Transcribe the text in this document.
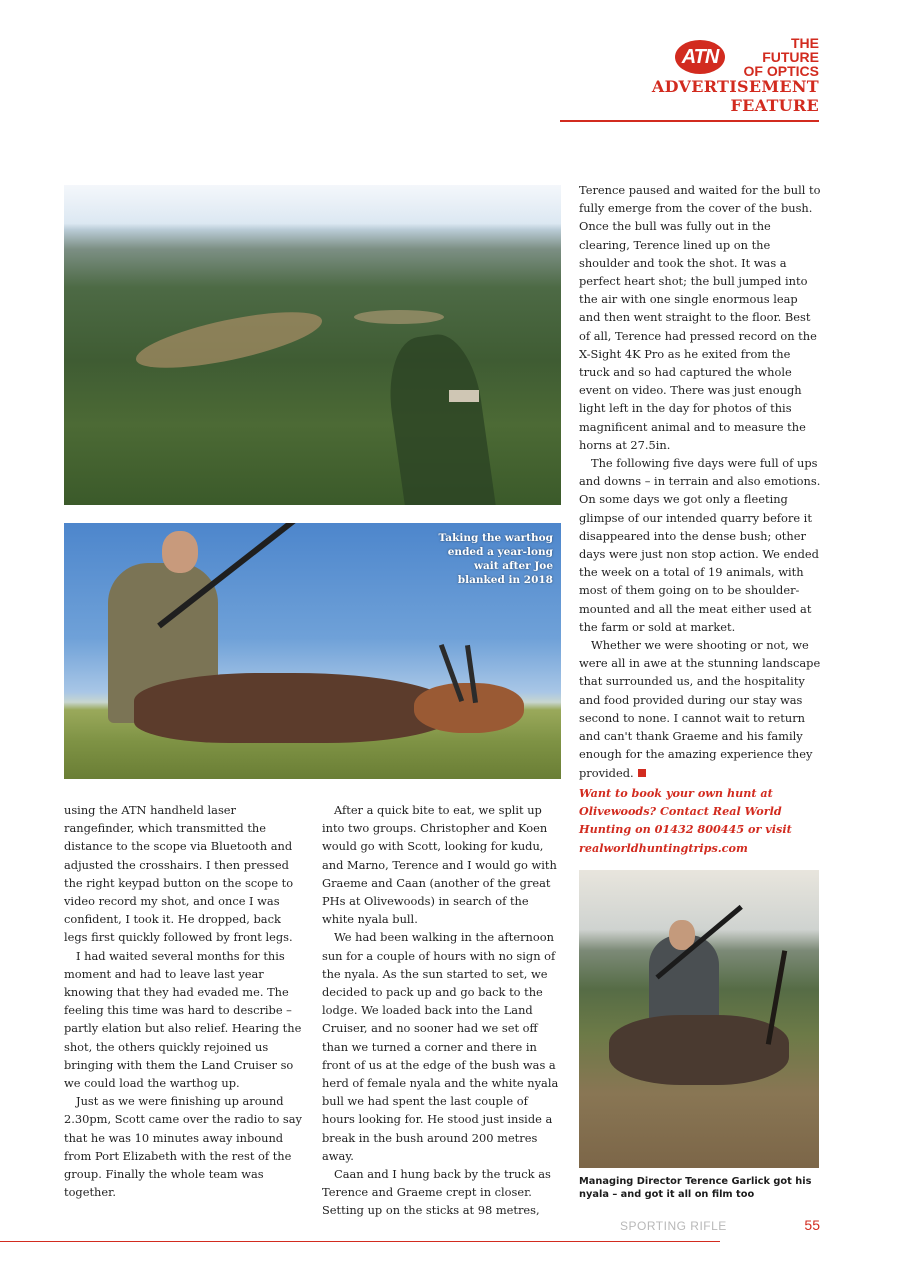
ATN
THE FUTURE
OF OPTICS
ADVERTISEMENT FEATURE
Taking the warthog
ended a year-long
wait after Joe
blanked in 2018

using the ATN handheld laser rangefinder, which transmitted the distance to the scope via Bluetooth and adjusted the crosshairs. I then pressed the right keypad button on the scope to video record my shot, and once I was confident, I took it. He dropped, back legs first quickly followed by front legs.

I had waited several months for this moment and had to leave last year knowing that they had evaded me. The feeling this time was hard to describe – partly elation but also relief. Hearing the shot, the others quickly rejoined us bringing with them the Land Cruiser so we could load the warthog up.

Just as we were finishing up around 2.30pm, Scott came over the radio to say that he was 10 minutes away inbound from Port Elizabeth with the rest of the group. Finally the whole team was together.

After a quick bite to eat, we split up into two groups. Christopher and Koen would go with Scott, looking for kudu, and Marno, Terence and I would go with Graeme and Caan (another of the great PHs at Olivewoods) in search of the white nyala bull.

We had been walking in the afternoon sun for a couple of hours with no sign of the nyala. As the sun started to set, we decided to pack up and go back to the lodge. We loaded back into the Land Cruiser, and no sooner had we set off than we turned a corner and there in front of us at the edge of the bush was a herd of female nyala and the white nyala bull we had spent the last couple of hours looking for. He stood just inside a break in the bush around 200 metres away.

Caan and I hung back by the truck as Terence and Graeme crept in closer. Setting up on the sticks at 98 metres,

Terence paused and waited for the bull to fully emerge from the cover of the bush. Once the bull was fully out in the clearing, Terence lined up on the shoulder and took the shot. It was a perfect heart shot; the bull jumped into the air with one single enormous leap and then went straight to the floor. Best of all, Terence had pressed record on the X-Sight 4K Pro as he exited from the truck and so had captured the whole event on video. There was just enough light left in the day for photos of this magnificent animal and to measure the horns at 27.5in.

The following five days were full of ups and downs – in terrain and also emotions. On some days we got only a fleeting glimpse of our intended quarry before it disappeared into the dense bush; other days were just non stop action. We ended the week on a total of 19 animals, with most of them going on to be shoulder-mounted and all the meat either used at the farm or sold at market.

Whether we were shooting or not, we were all in awe at the stunning landscape that surrounded us, and the hospitality and food provided during our stay was second to none. I cannot wait to return and can't thank Graeme and his family enough for the amazing experience they provided.

Want to book your own hunt at Olivewoods? Contact Real World Hunting on 01432 800445 or visit realworldhuntingtrips.com
Managing Director Terence Garlick got his nyala – and got it all on film too
SPORTING RIFLE	55
